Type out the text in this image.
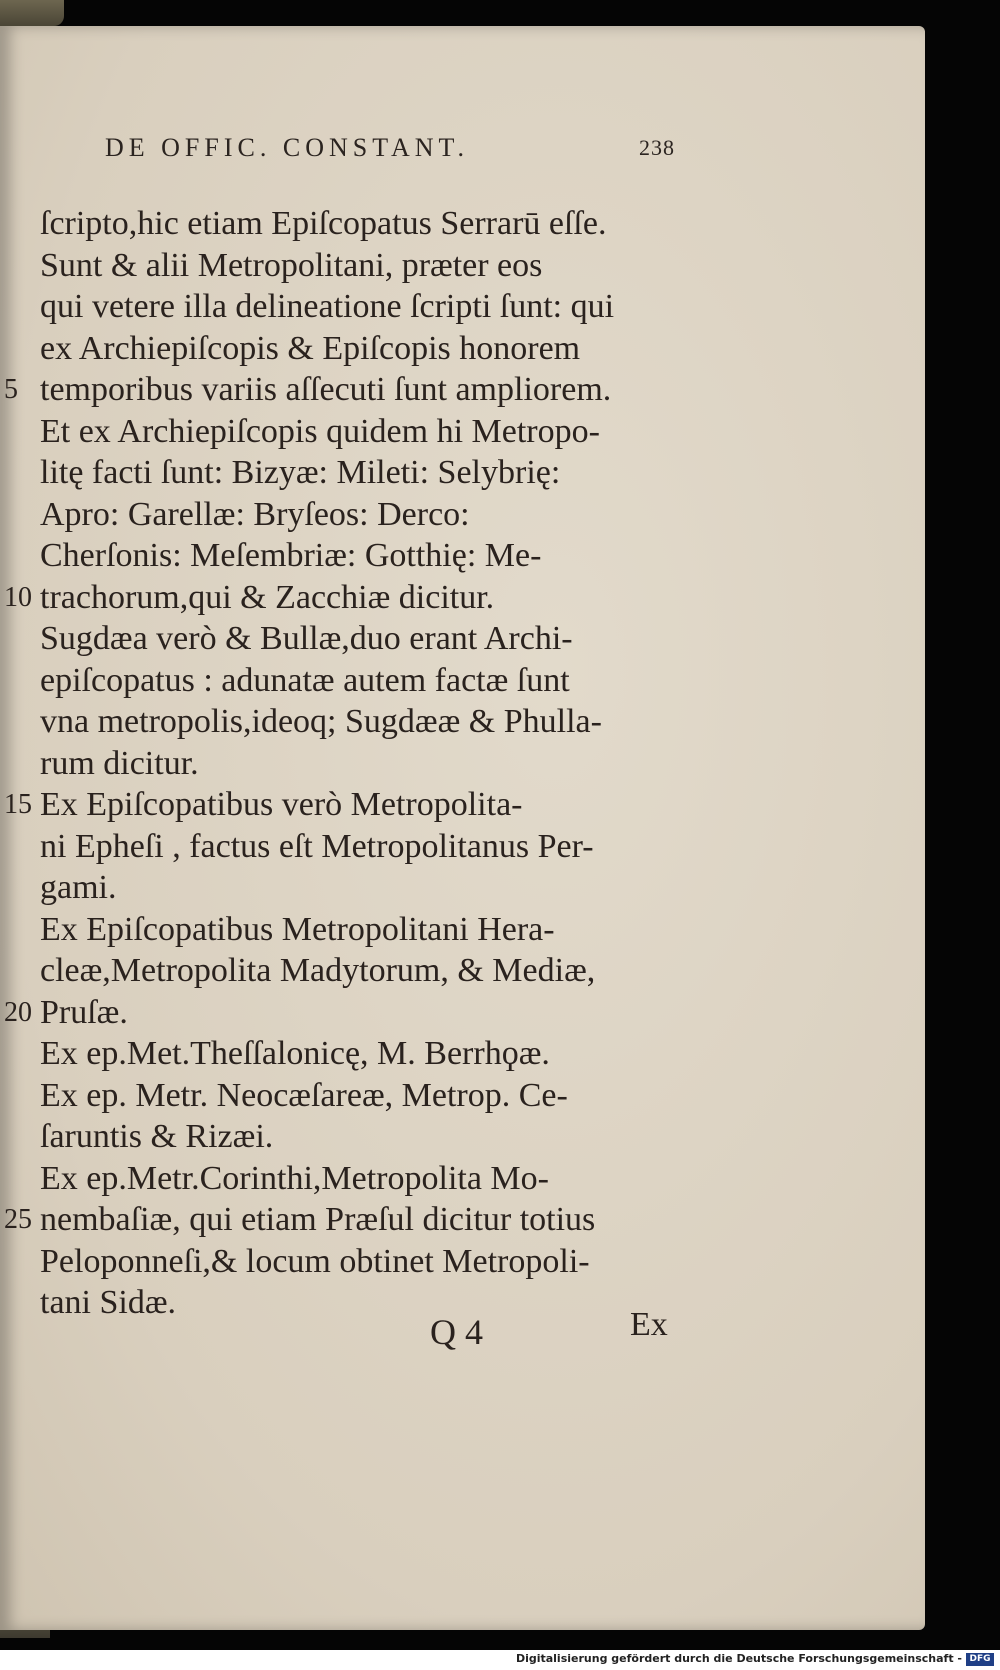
DE OFFIC. CONSTANT.	238
5
10
15
20
25
ſcripto,hic etiam Epiſcopatus Serrarū eſſe.
Sunt & alii Metropolitani, præter eos
qui vetere illa delineatione ſcripti ſunt: qui
ex Archiepiſcopis & Epiſcopis honorem
temporibus variis aſſecuti ſunt ampliorem.
Et ex Archiepiſcopis quidem hi Metropo-
litę facti ſunt: Bizyæ: Mileti: Selybrię:
Apro: Garellæ: Bryſeos: Derco:
Cherſonis: Meſembriæ: Gotthię: Me-
trachorum,qui & Zacchiæ dicitur.
Sugdæa verò & Bullæ,duo erant Archi-
epiſcopatus : adunatæ autem factæ ſunt
vna metropolis,ideoq; Sugdææ & Phulla-
rum dicitur.
Ex Epiſcopatibus verò Metropolita-
ni Epheſi , factus eſt Metropolitanus Per-
gami.
Ex Epiſcopatibus Metropolitani Hera-
cleæ,Metropolita Madytorum, & Mediæ,
Pruſæ.
Ex ep.Met.Theſſalonicę, M. Berrhϙæ.
Ex ep. Metr. Neocæſareæ, Metrop. Ce-
ſaruntis & Rizæi.
Ex ep.Metr.Corinthi,Metropolita Mo-
nembaſiæ, qui etiam Præſul dicitur totius
Peloponneſi,& locum obtinet Metropoli-
tani Sidæ.
Q 4	Ex
Digitalisierung gefördert durch die Deutsche Forschungsgemeinschaft - DFG
